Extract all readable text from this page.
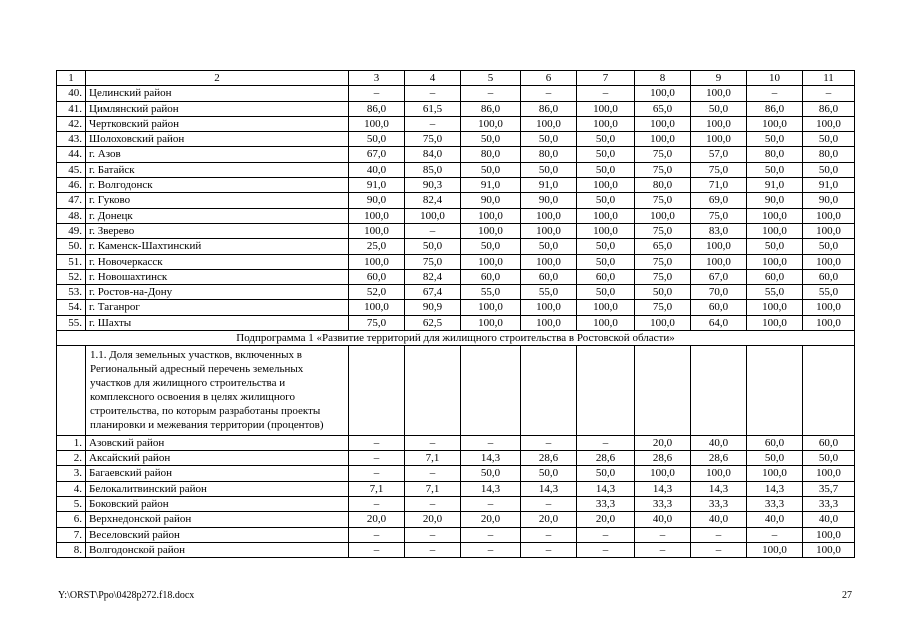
1	2	3	4	5	6	7	8	9	10	11
40.	Целинский район	–	–	–	–	–	100,0	100,0	–	–
41.	Цимлянский район	86,0	61,5	86,0	86,0	100,0	65,0	50,0	86,0	86,0
42.	Чертковский район	100,0	–	100,0	100,0	100,0	100,0	100,0	100,0	100,0
43.	Шолоховский район	50,0	75,0	50,0	50,0	50,0	100,0	100,0	50,0	50,0
44.	г. Азов	67,0	84,0	80,0	80,0	50,0	75,0	57,0	80,0	80,0
45.	г. Батайск	40,0	85,0	50,0	50,0	50,0	75,0	75,0	50,0	50,0
46.	г. Волгодонск	91,0	90,3	91,0	91,0	100,0	80,0	71,0	91,0	91,0
47.	г. Гуково	90,0	82,4	90,0	90,0	50,0	75,0	69,0	90,0	90,0
48.	г. Донецк	100,0	100,0	100,0	100,0	100,0	100,0	75,0	100,0	100,0
49.	г. Зверево	100,0	–	100,0	100,0	100,0	75,0	83,0	100,0	100,0
50.	г. Каменск-Шахтинский	25,0	50,0	50,0	50,0	50,0	65,0	100,0	50,0	50,0
51.	г. Новочеркасск	100,0	75,0	100,0	100,0	50,0	75,0	100,0	100,0	100,0
52.	г. Новошахтинск	60,0	82,4	60,0	60,0	60,0	75,0	67,0	60,0	60,0
53.	г. Ростов-на-Дону	52,0	67,4	55,0	55,0	50,0	50,0	70,0	55,0	55,0
54.	г. Таганрог	100,0	90,9	100,0	100,0	100,0	75,0	60,0	100,0	100,0
55.	г. Шахты	75,0	62,5	100,0	100,0	100,0	100,0	64,0	100,0	100,0
Подпрограмма 1 «Развитие территорий для жилищного строительства в Ростовской области»										
	1.1. Доля земельных участков, включенных в Региональный адресный перечень земельных участков для жилищного строительства и комплексного освоения в целях жилищного строительства, по которым разработаны проекты планировки и межевания территории (процентов)									
1.	Азовский район	–	–	–	–	–	20,0	40,0	60,0	60,0
2.	Аксайский район	–	7,1	14,3	28,6	28,6	28,6	28,6	50,0	50,0
3.	Багаевский район	–	–	50,0	50,0	50,0	100,0	100,0	100,0	100,0
4.	Белокалитвинский район	7,1	7,1	14,3	14,3	14,3	14,3	14,3	14,3	35,7
5.	Боковский район	–	–	–	–	33,3	33,3	33,3	33,3	33,3
6.	Верхнедонской район	20,0	20,0	20,0	20,0	20,0	40,0	40,0	40,0	40,0
7.	Веселовский район	–	–	–	–	–	–	–	–	100,0
8.	Волгодонской район	–	–	–	–	–	–	–	100,0	100,0
Y:\ORST\Ppo\0428p272.f18.docx	27
